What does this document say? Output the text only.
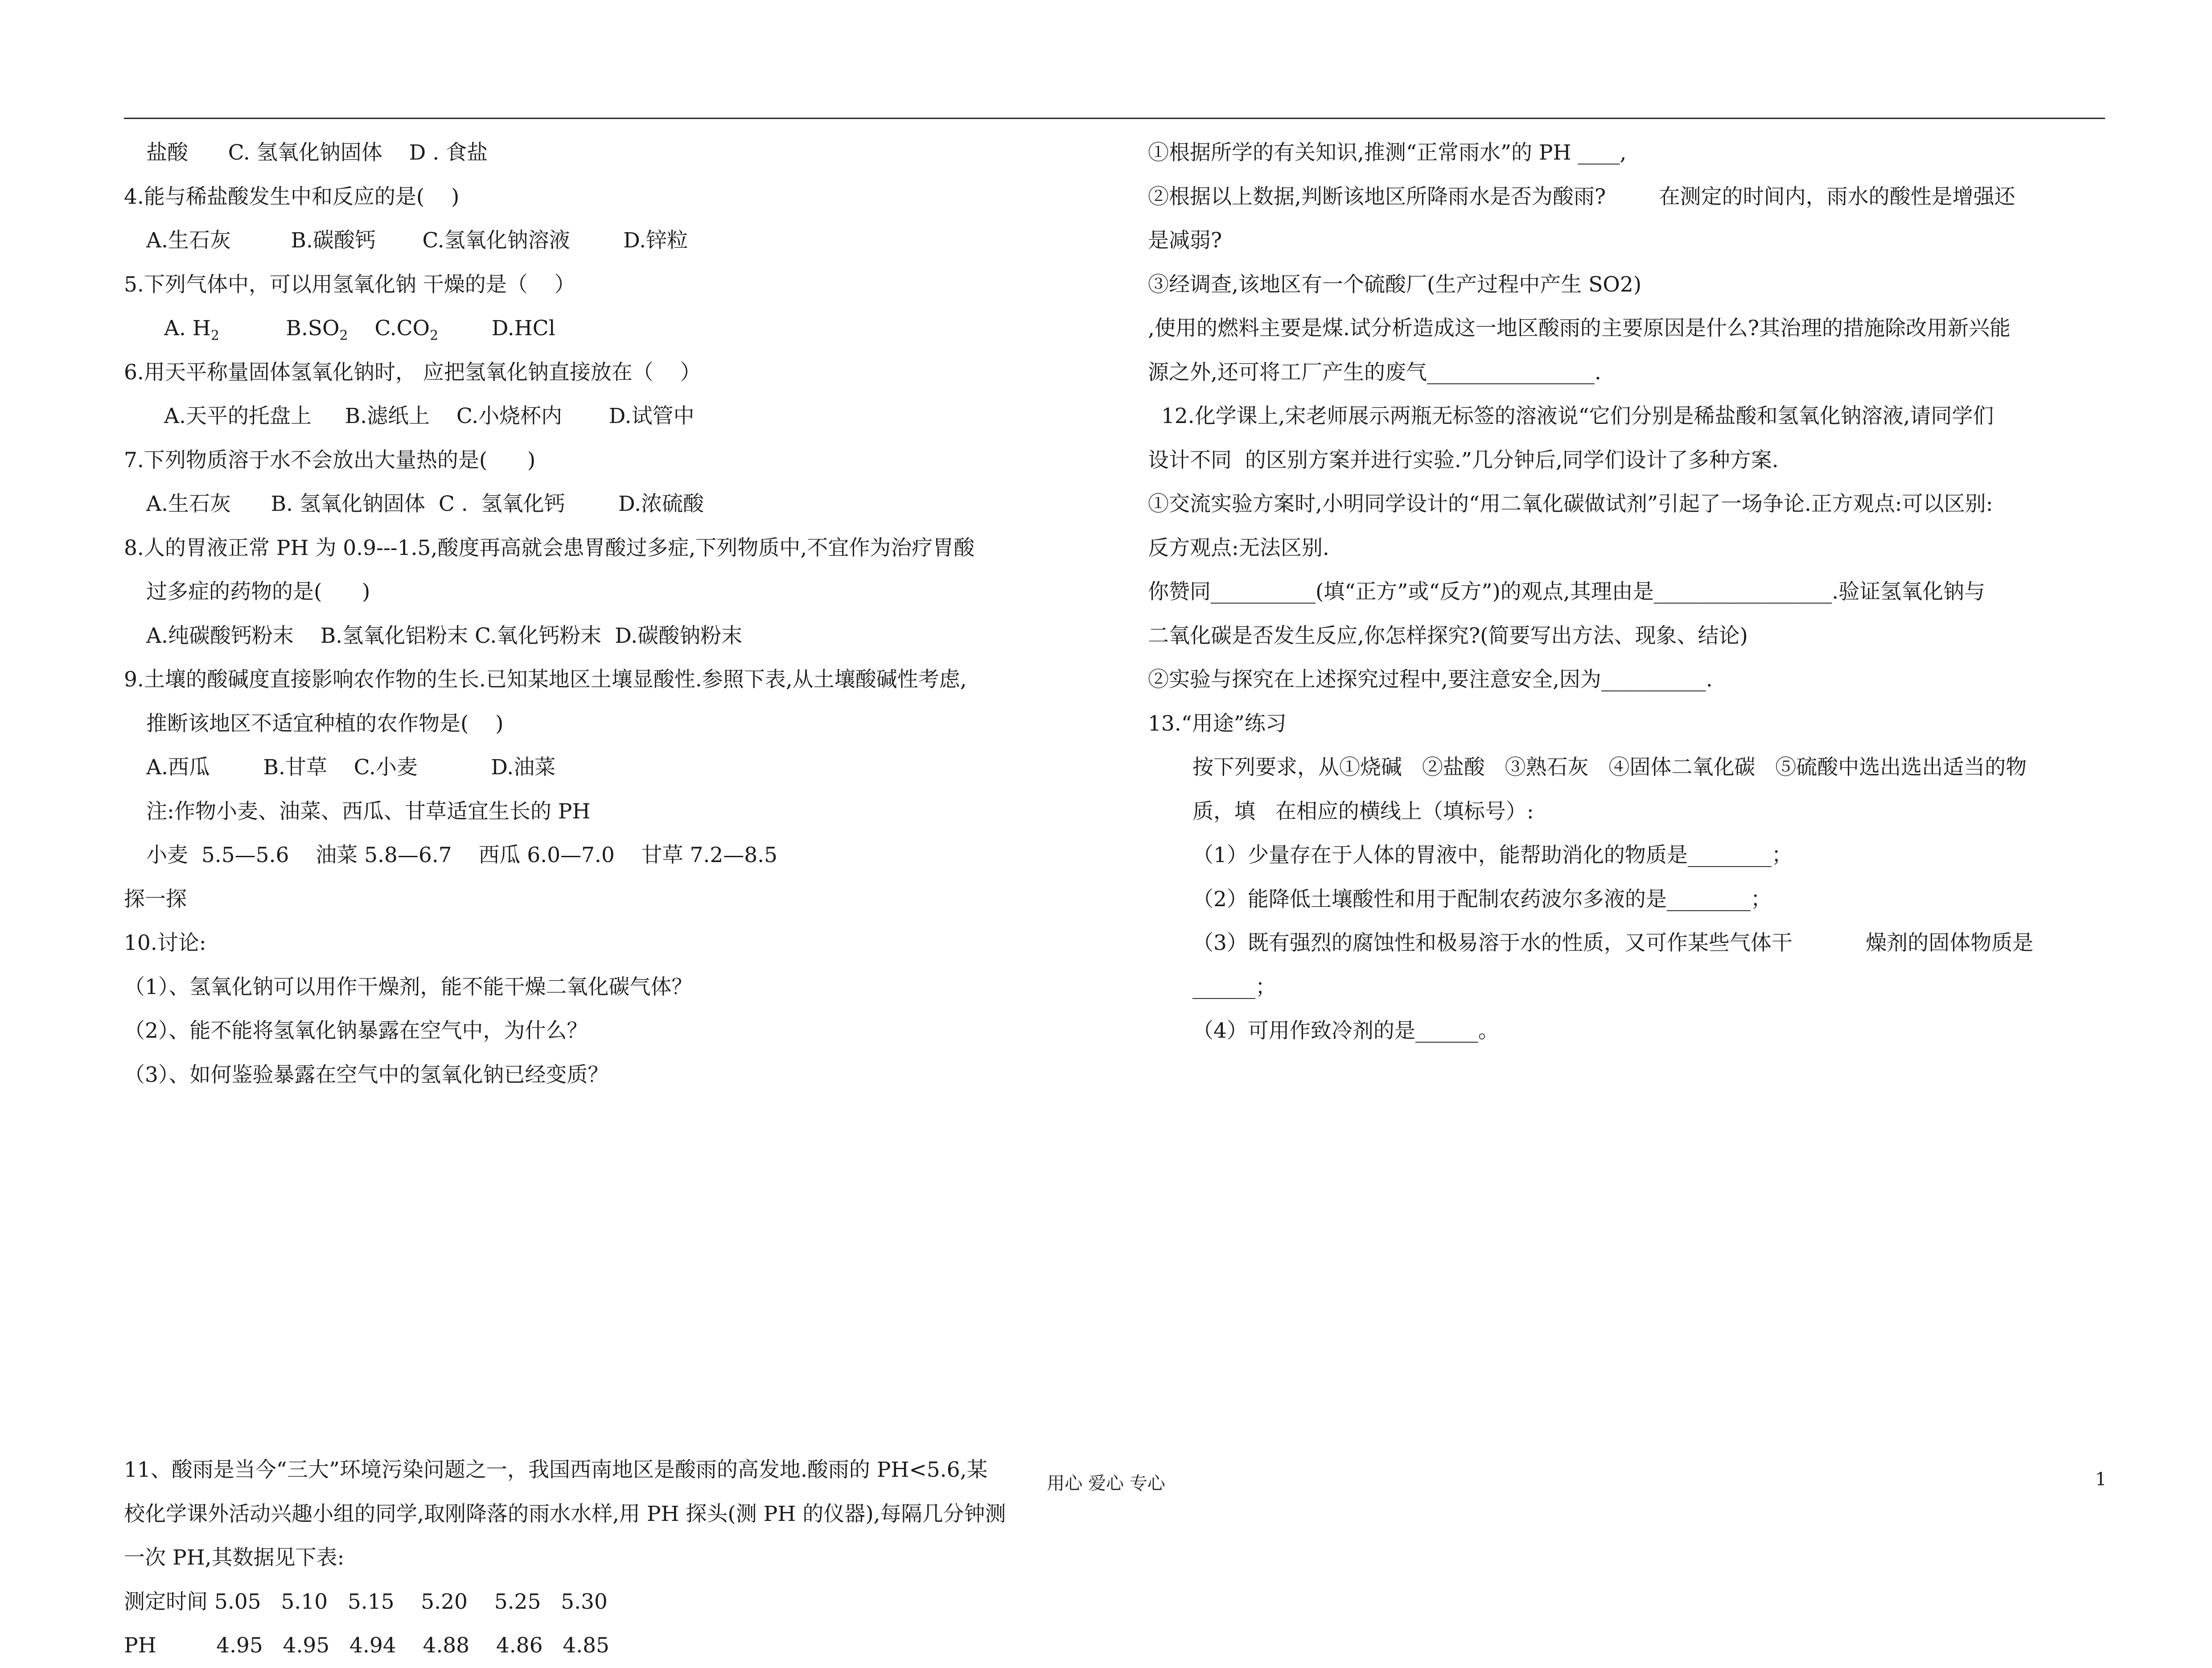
盐酸      C. 氢氧化钠固体    D . 食盐
4.能与稀盐酸发生中和反应的是(    )
A.生石灰         B.碳酸钙       C.氢氧化钠溶液        D.锌粒
5.下列气体中，可以用氢氧化钠 干燥的是（    ）
A. $H_2$          $B.SO_2$    $C.CO_2$        D.HCl
6.用天平称量固体氢氧化钠时， 应把氢氧化钠直接放在（    ）
A.天平的托盘上     B.滤纸上    C.小烧杯内       D.试管中
7.下列物质溶于水不会放出大量热的是(      )
A.生石灰      B. 氢氧化钠固体  C .  氢氧化钙        D.浓硫酸
8.人的胃液正常 PH 为 0.9---1.5,酸度再高就会患胃酸过多症,下列物质中,不宜作为治疗胃酸
过多症的药物的是(      )
A.纯碳酸钙粉末    B.氢氧化铝粉末 C.氧化钙粉末  D.碳酸钠粉末
9.土壤的酸碱度直接影响农作物的生长.已知某地区土壤显酸性.参照下表,从土壤酸碱性考虑,
推断该地区不适宜种植的农作物是(    )
A.西瓜        B.甘草    C.小麦           D.油菜
注:作物小麦、油菜、西瓜、甘草适宜生长的 PH
小麦  5.5—5.6    油菜 5.8—6.7    西瓜 6.0—7.0    甘草 7.2—8.5
探一探
10.讨论:
（1）、氢氧化钠可以用作干燥剂，能不能干燥二氧化碳气体？
（2）、能不能将氢氧化钠暴露在空气中，为什么？
（3）、如何鉴验暴露在空气中的氢氧化钠已经变质？
11、酸雨是当今“三大”环境污染问题之一，我国西南地区是酸雨的高发地.酸雨的 PH<5.6,某
校化学课外活动兴趣小组的同学,取刚降落的雨水水样,用 PH 探头(测 PH 的仪器),每隔几分钟测
一次 PH,其数据见下表:
测定时间 5.05   5.10   5.15    5.20    5.25   5.30
PH         4.95   4.95   4.94    4.88    4.86   4.85
①根据所学的有关知识,推测“正常雨水”的 PH ____,
②根据以上数据,判断该地区所降雨水是否为酸雨?        在测定的时间内，雨水的酸性是增强还
是减弱?
③经调查,该地区有一个硫酸厂(生产过程中产生 SO2)
,使用的燃料主要是煤.试分析造成这一地区酸雨的主要原因是什么?其治理的措施除改用新兴能
源之外,还可将工厂产生的废气________________.
12.化学课上,宋老师展示两瓶无标签的溶液说“它们分别是稀盐酸和氢氧化钠溶液,请同学们
设计不同  的区别方案并进行实验.”几分钟后,同学们设计了多种方案.
①交流实验方案时,小明同学设计的“用二氧化碳做试剂”引起了一场争论.正方观点:可以区别:
反方观点:无法区别.
你赞同__________(填“正方”或“反方”)的观点,其理由是_________________.验证氢氧化钠与
二氧化碳是否发生反应,你怎样探究?(简要写出方法、现象、结论)
②实验与探究在上述探究过程中,要注意安全,因为__________.
13.“用途”练习
按下列要求，从①烧碱   ②盐酸   ③熟石灰   ④固体二氧化碳   ⑤硫酸中选出选出适当的物
质，填   在相应的横线上（填标号）:
（1）少量存在于人体的胃液中，能帮助消化的物质是________；
（2）能降低土壤酸性和用于配制农药波尔多液的是________；
（3）既有强烈的腐蚀性和极易溶于水的性质，又可作某些气体干           燥剂的固体物质是
______；
（4）可用作致冷剂的是______。
用心 爱心 专心	1
